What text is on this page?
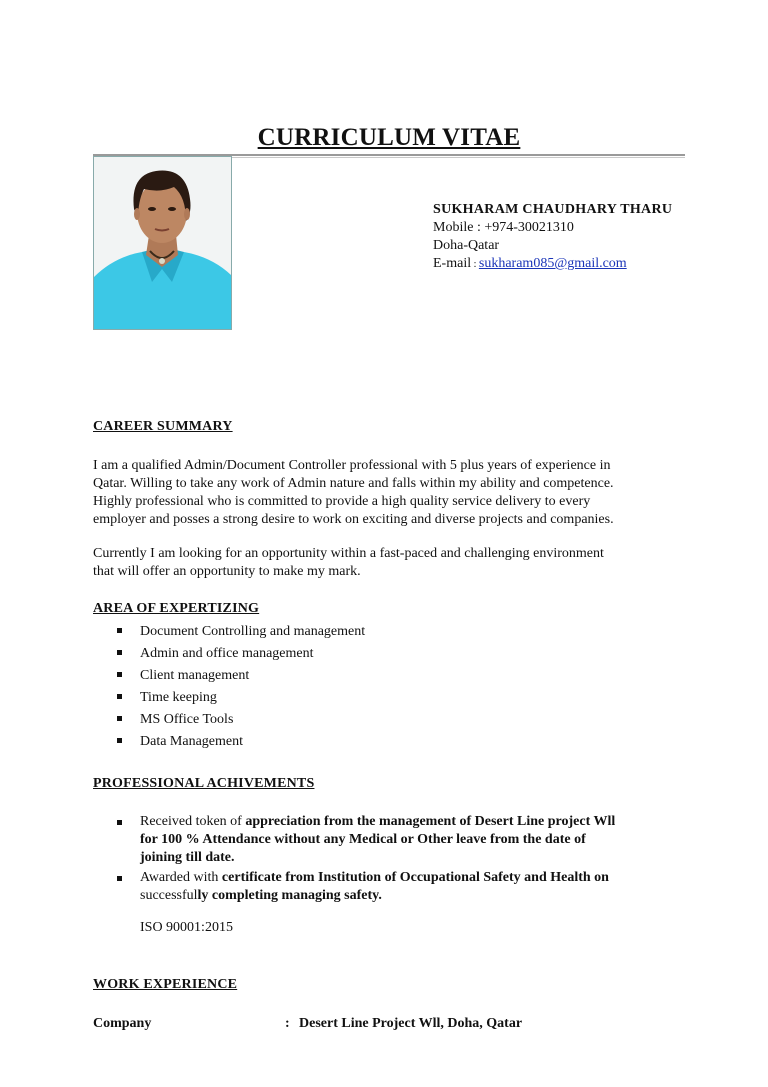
CURRICULUM VITAE
SUKHARAM CHAUDHARY THARU
Mobile : +974-30021310
Doha-Qatar
E-mail : sukharam085@gmail.com
CAREER SUMMARY
I am a qualified Admin/Document Controller professional with 5 plus years of experience in
Qatar. Willing to take any work of Admin nature and falls within my ability and competence.
Highly professional who is committed to provide a high quality service delivery to every
employer and posses a strong desire to work on exciting and diverse projects and companies.
Currently I am looking for an opportunity within a fast-paced and challenging environment
that will offer an opportunity to make my mark.
AREA OF EXPERTIZING
Document Controlling and management
Admin and office management
Client management
Time keeping
MS Office Tools
Data Management
PROFESSIONAL ACHIVEMENTS
Received token of appreciation from the management of Desert Line project Wll
for 100 % Attendance without any Medical or Other leave from the date of
joining till date.
Awarded with certificate from Institution of Occupational Safety and Health on
successfully completing managing safety.
ISO 90001:2015
WORK EXPERIENCE
Company	: Desert Line Project Wll, Doha, Qatar
